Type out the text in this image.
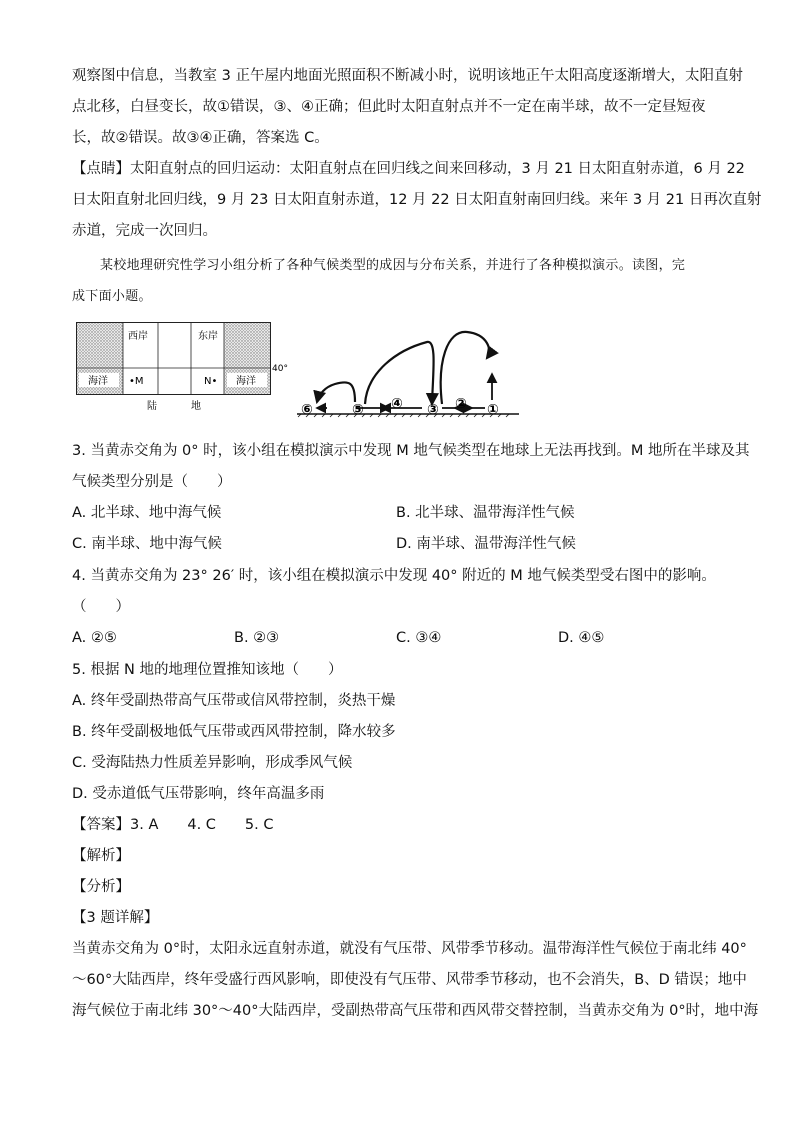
观察图中信息，当教室 3 正午屋内地面光照面积不断减小时，说明该地正午太阳高度逐渐增大，太阳直射
点北移，白昼变长，故①错误，③、④正确；但此时太阳直射点并不一定在南半球，故不一定昼短夜
长，故②错误。故③④正确，答案选 C。
【点睛】太阳直射点的回归运动：太阳直射点在回归线之间来回移动，3 月 21 日太阳直射赤道，6 月 22
日太阳直射北回归线，9 月 23 日太阳直射赤道，12 月 22 日太阳直射南回归线。来年 3 月 21 日再次直射
赤道，完成一次回归。
某校地理研究性学习小组分析了各种气候类型的成因与分布关系，并进行了各种模拟演示。读图，完
成下面小题。
西岸	东岸
海洋	海洋
•M	N•
陆	地
40°
⑥	⑤ ④ ③ ② ①
3. 当黄赤交角为 0° 时，该小组在模拟演示中发现 M 地气候类型在地球上无法再找到。M 地所在半球及其
气候类型分别是（　　）
A. 北半球、地中海气候	B. 北半球、温带海洋性气候
C. 南半球、地中海气候	D. 南半球、温带海洋性气候
4. 当黄赤交角为 23° 26′ 时，该小组在模拟演示中发现 40° 附近的 M 地气候类型受右图中的影响。
（　　）
A. ②⑤	B. ②③	C. ③④	D. ④⑤
5. 根据 N 地的地理位置推知该地（　　）
A. 终年受副热带高气压带或信风带控制，炎热干燥
B. 终年受副极地低气压带或西风带控制，降水较多
C. 受海陆热力性质差异影响，形成季风气候
D. 受赤道低气压带影响，终年高温多雨
【答案】3. A　　4. C　　5. C
【解析】
【分析】
【3 题详解】
当黄赤交角为 0°时，太阳永远直射赤道，就没有气压带、风带季节移动。温带海洋性气候位于南北纬 40°
～60°大陆西岸，终年受盛行西风影响，即使没有气压带、风带季节移动，也不会消失，B、D 错误；地中
海气候位于南北纬 30°～40°大陆西岸，受副热带高气压带和西风带交替控制，当黄赤交角为 0°时，地中海
